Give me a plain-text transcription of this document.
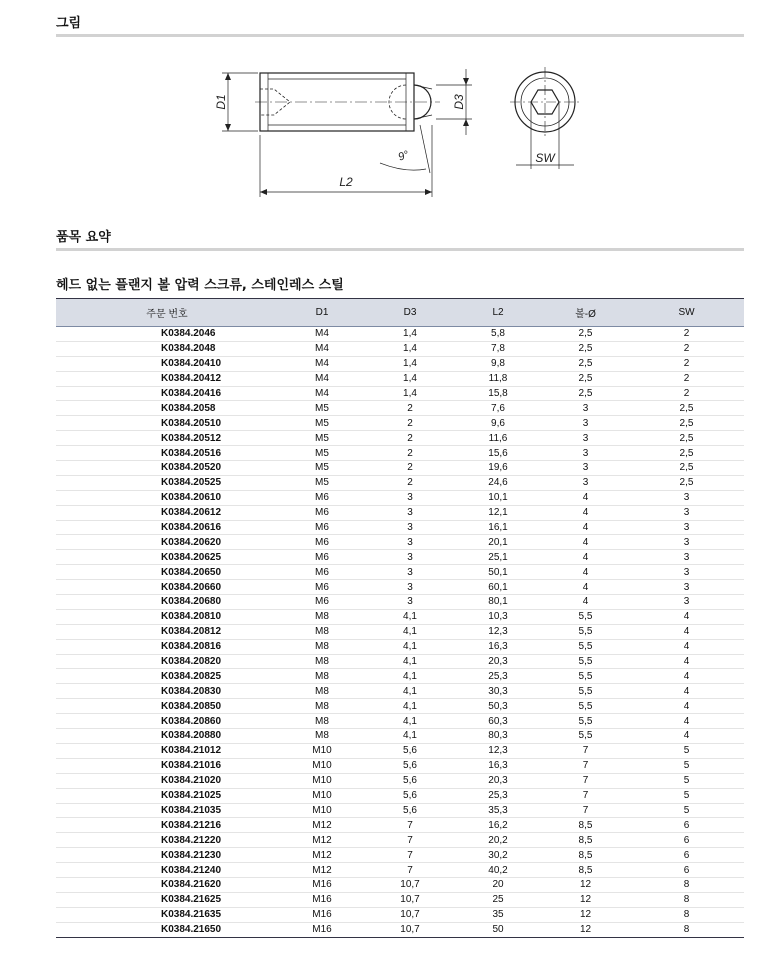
그림
D1	D3
L2
SW
9°
품목 요약
헤드 없는 플랜지 볼 압력 스크류, 스테인레스 스틸
주문 번호	D1	D3	L2	볼-Ø	SW
K0384.2046	M4	1,4	5,8	2,5	2
K0384.2048	M4	1,4	7,8	2,5	2
K0384.20410	M4	1,4	9,8	2,5	2
K0384.20412	M4	1,4	11,8	2,5	2
K0384.20416	M4	1,4	15,8	2,5	2
K0384.2058	M5	2	7,6	3	2,5
K0384.20510	M5	2	9,6	3	2,5
K0384.20512	M5	2	11,6	3	2,5
K0384.20516	M5	2	15,6	3	2,5
K0384.20520	M5	2	19,6	3	2,5
K0384.20525	M5	2	24,6	3	2,5
K0384.20610	M6	3	10,1	4	3
K0384.20612	M6	3	12,1	4	3
K0384.20616	M6	3	16,1	4	3
K0384.20620	M6	3	20,1	4	3
K0384.20625	M6	3	25,1	4	3
K0384.20650	M6	3	50,1	4	3
K0384.20660	M6	3	60,1	4	3
K0384.20680	M6	3	80,1	4	3
K0384.20810	M8	4,1	10,3	5,5	4
K0384.20812	M8	4,1	12,3	5,5	4
K0384.20816	M8	4,1	16,3	5,5	4
K0384.20820	M8	4,1	20,3	5,5	4
K0384.20825	M8	4,1	25,3	5,5	4
K0384.20830	M8	4,1	30,3	5,5	4
K0384.20850	M8	4,1	50,3	5,5	4
K0384.20860	M8	4,1	60,3	5,5	4
K0384.20880	M8	4,1	80,3	5,5	4
K0384.21012	M10	5,6	12,3	7	5
K0384.21016	M10	5,6	16,3	7	5
K0384.21020	M10	5,6	20,3	7	5
K0384.21025	M10	5,6	25,3	7	5
K0384.21035	M10	5,6	35,3	7	5
K0384.21216	M12	7	16,2	8,5	6
K0384.21220	M12	7	20,2	8,5	6
K0384.21230	M12	7	30,2	8,5	6
K0384.21240	M12	7	40,2	8,5	6
K0384.21620	M16	10,7	20	12	8
K0384.21625	M16	10,7	25	12	8
K0384.21635	M16	10,7	35	12	8
K0384.21650	M16	10,7	50	12	8
